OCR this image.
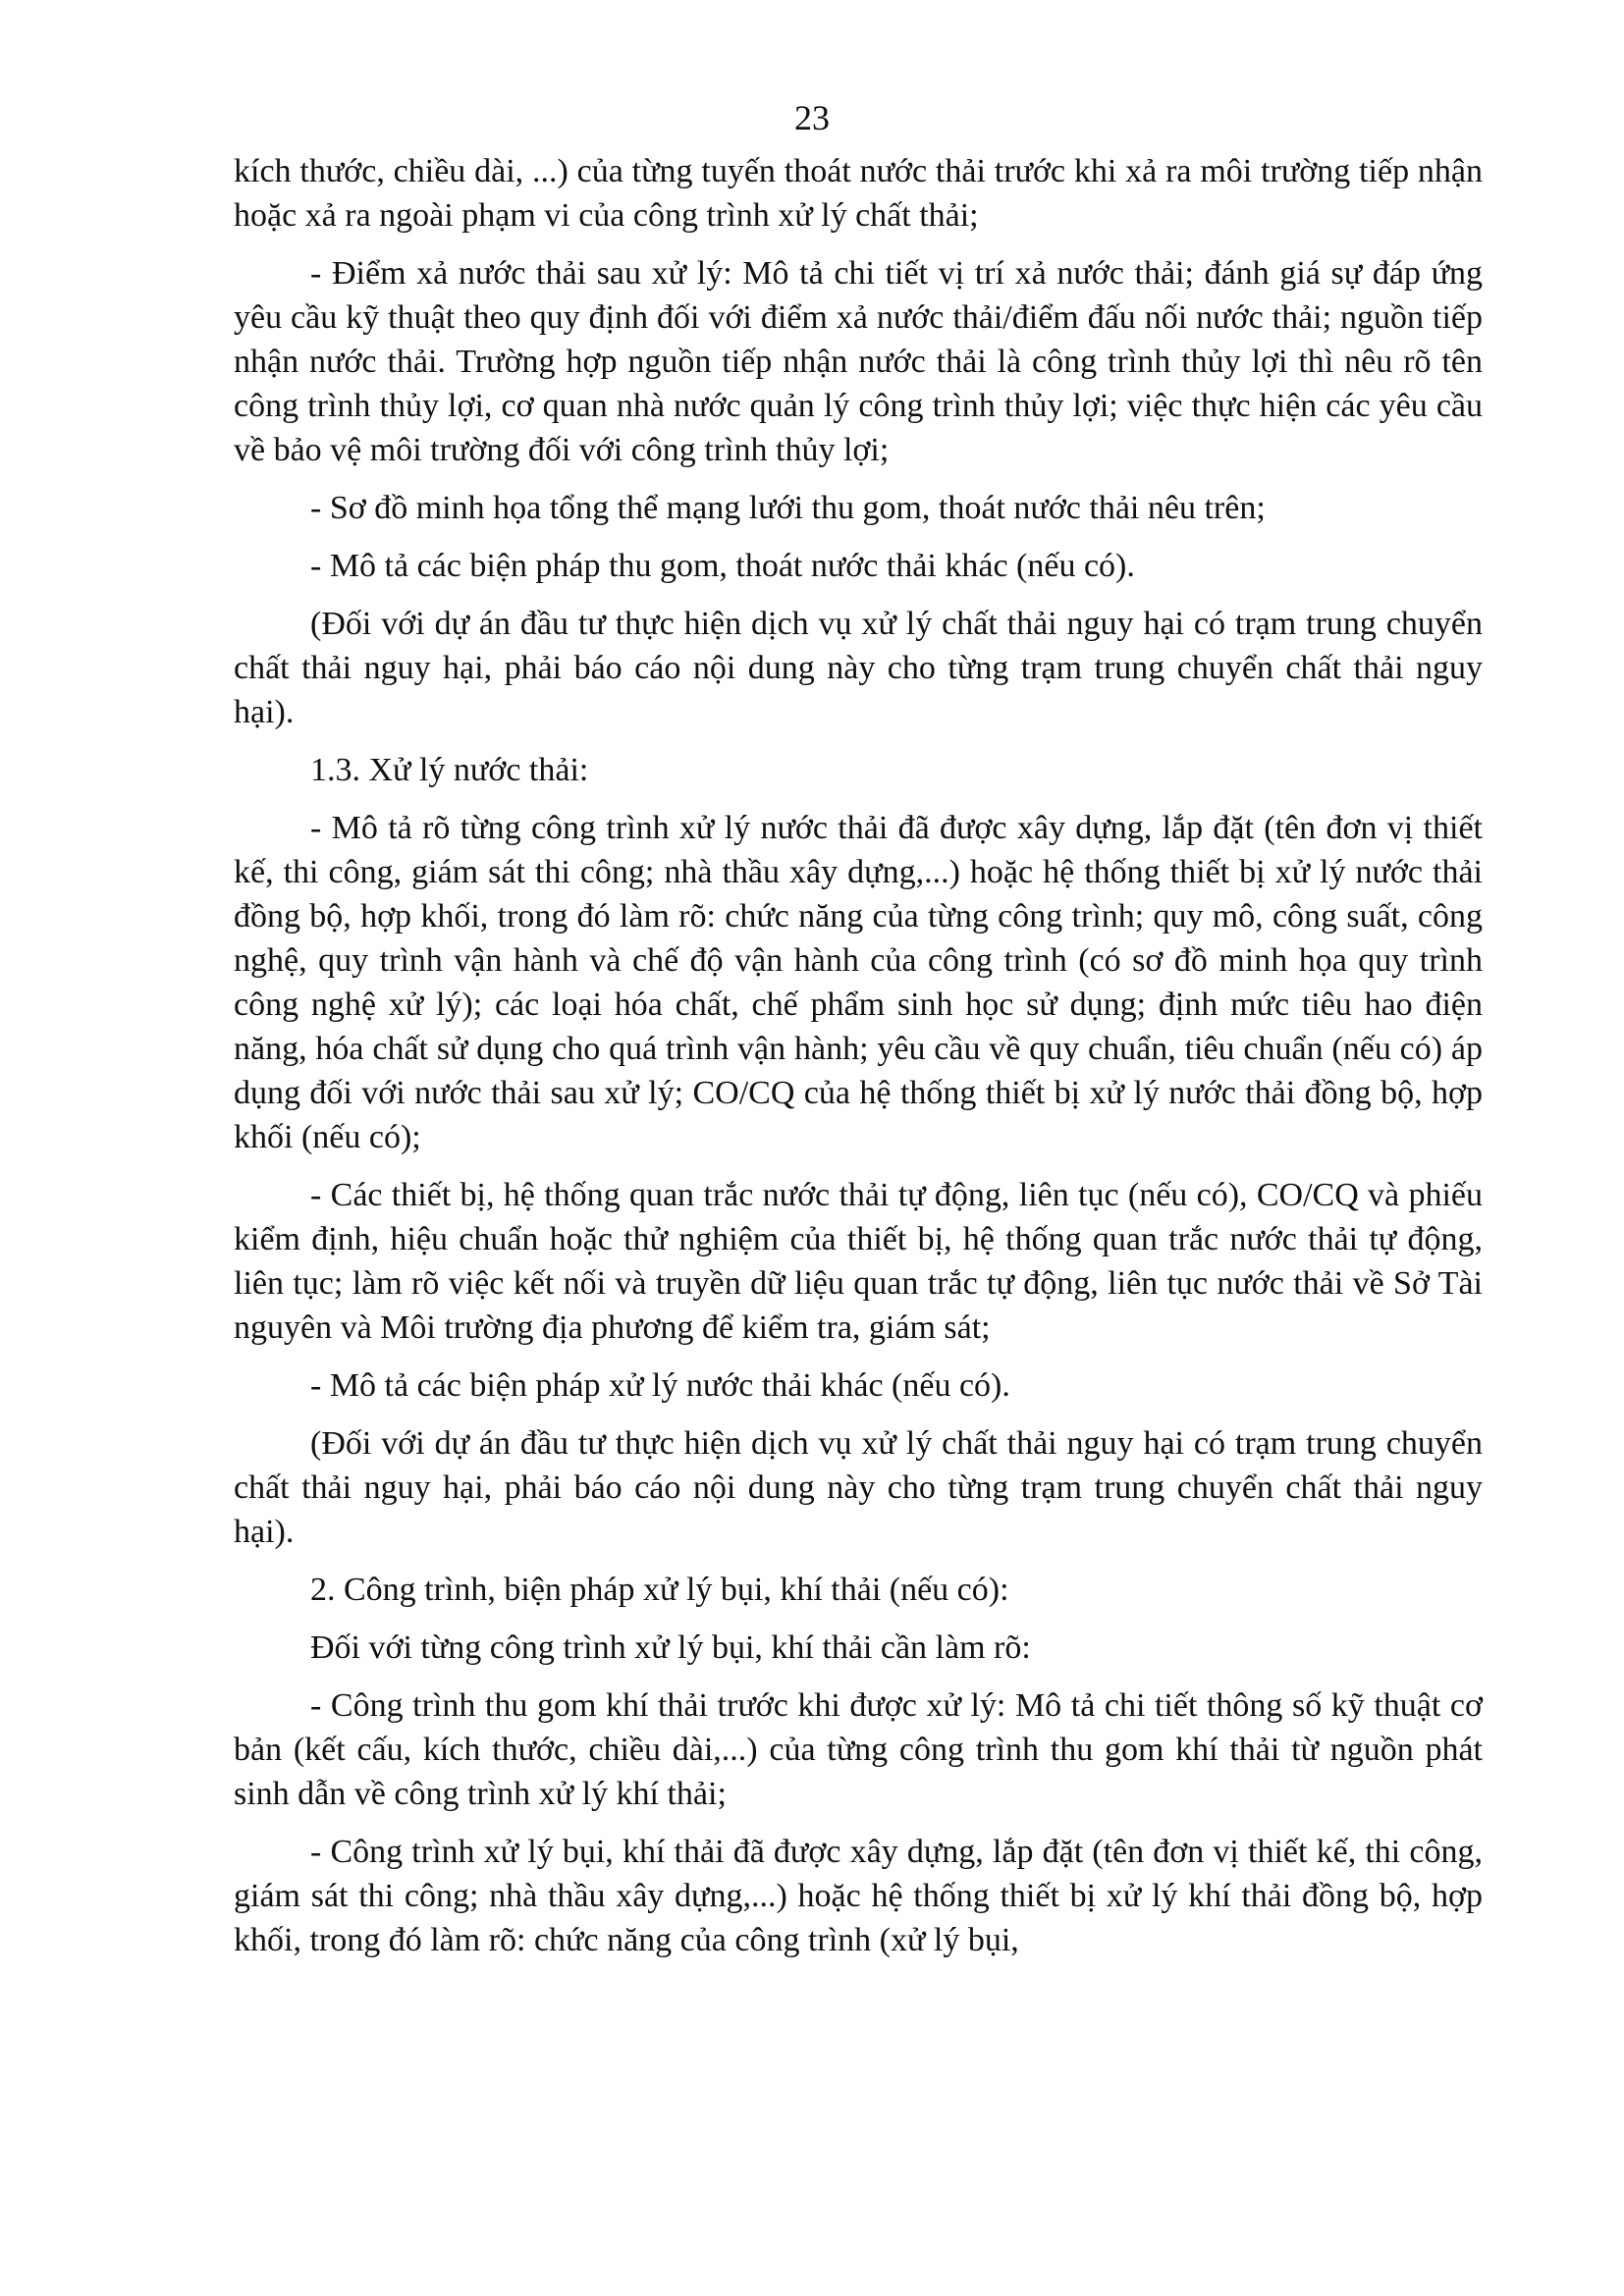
23

kích thước, chiều dài, ...) của từng tuyến thoát nước thải trước khi xả ra môi trường tiếp nhận hoặc xả ra ngoài phạm vi của công trình xử lý chất thải;

- Điểm xả nước thải sau xử lý: Mô tả chi tiết vị trí xả nước thải; đánh giá sự đáp ứng yêu cầu kỹ thuật theo quy định đối với điểm xả nước thải/điểm đấu nối nước thải; nguồn tiếp nhận nước thải. Trường hợp nguồn tiếp nhận nước thải là công trình thủy lợi thì nêu rõ tên công trình thủy lợi, cơ quan nhà nước quản lý công trình thủy lợi; việc thực hiện các yêu cầu về bảo vệ môi trường đối với công trình thủy lợi;

- Sơ đồ minh họa tổng thể mạng lưới thu gom, thoát nước thải nêu trên;

- Mô tả các biện pháp thu gom, thoát nước thải khác (nếu có).

(Đối với dự án đầu tư thực hiện dịch vụ xử lý chất thải nguy hại có trạm trung chuyển chất thải nguy hại, phải báo cáo nội dung này cho từng trạm trung chuyển chất thải nguy hại).

1.3. Xử lý nước thải:

- Mô tả rõ từng công trình xử lý nước thải đã được xây dựng, lắp đặt (tên đơn vị thiết kế, thi công, giám sát thi công; nhà thầu xây dựng,...) hoặc hệ thống thiết bị xử lý nước thải đồng bộ, hợp khối, trong đó làm rõ: chức năng của từng công trình; quy mô, công suất, công nghệ, quy trình vận hành và chế độ vận hành của công trình (có sơ đồ minh họa quy trình công nghệ xử lý); các loại hóa chất, chế phẩm sinh học sử dụng; định mức tiêu hao điện năng, hóa chất sử dụng cho quá trình vận hành; yêu cầu về quy chuẩn, tiêu chuẩn (nếu có) áp dụng đối với nước thải sau xử lý; CO/CQ của hệ thống thiết bị xử lý nước thải đồng bộ, hợp khối (nếu có);

- Các thiết bị, hệ thống quan trắc nước thải tự động, liên tục (nếu có), CO/CQ và phiếu kiểm định, hiệu chuẩn hoặc thử nghiệm của thiết bị, hệ thống quan trắc nước thải tự động, liên tục; làm rõ việc kết nối và truyền dữ liệu quan trắc tự động, liên tục nước thải về Sở Tài nguyên và Môi trường địa phương để kiểm tra, giám sát;

- Mô tả các biện pháp xử lý nước thải khác (nếu có).

(Đối với dự án đầu tư thực hiện dịch vụ xử lý chất thải nguy hại có trạm trung chuyển chất thải nguy hại, phải báo cáo nội dung này cho từng trạm trung chuyển chất thải nguy hại).

2. Công trình, biện pháp xử lý bụi, khí thải (nếu có):

Đối với từng công trình xử lý bụi, khí thải cần làm rõ:

- Công trình thu gom khí thải trước khi được xử lý: Mô tả chi tiết thông số kỹ thuật cơ bản (kết cấu, kích thước, chiều dài,...) của từng công trình thu gom khí thải từ nguồn phát sinh dẫn về công trình xử lý khí thải;

- Công trình xử lý bụi, khí thải đã được xây dựng, lắp đặt (tên đơn vị thiết kế, thi công, giám sát thi công; nhà thầu xây dựng,...) hoặc hệ thống thiết bị xử lý khí thải đồng bộ, hợp khối, trong đó làm rõ: chức năng của công trình (xử lý bụi,
